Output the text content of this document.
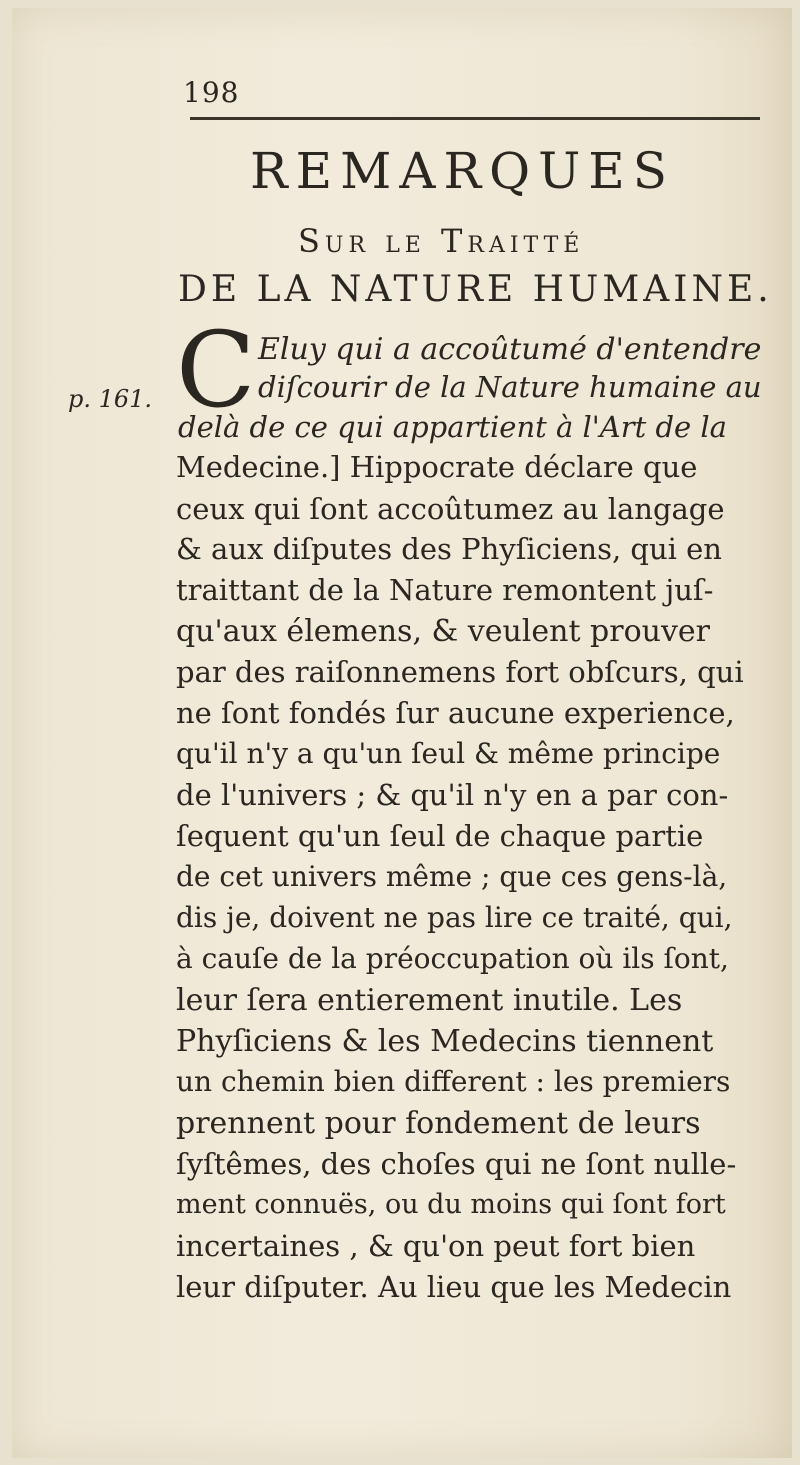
198
REMARQUES
Sur le Traitté
DE LA NATURE HUMAINE.
p. 161. C Eluy qui a accoûtumé d'entendre
diſcourir de la Nature humaine au
delà de ce qui appartient à l'Art de la
Medecine.] Hippocrate déclare que
ceux qui ſont accoûtumez au langage
& aux diſputes des Phyſiciens, qui en
traittant de la Nature remontent juſ-
qu'aux élemens, & veulent prouver
par des raiſonnemens fort obſcurs, qui
ne ſont fondés ſur aucune experience,
qu'il n'y a qu'un ſeul & même principe
de l'univers ; & qu'il n'y en a par con-
ſequent qu'un ſeul de chaque partie
de cet univers même ; que ces gens-là,
dis je, doivent ne pas lire ce traité, qui,
à cauſe de la préoccupation où ils ſont,
leur ſera entierement inutile. Les
Phyſiciens & les Medecins tiennent
un chemin bien different : les premiers
prennent pour fondement de leurs
ſyſtêmes, des choſes qui ne ſont nulle-
ment connuës, ou du moins qui ſont fort
incertaines , & qu'on peut fort bien
leur diſputer. Au lieu que les Medecin
